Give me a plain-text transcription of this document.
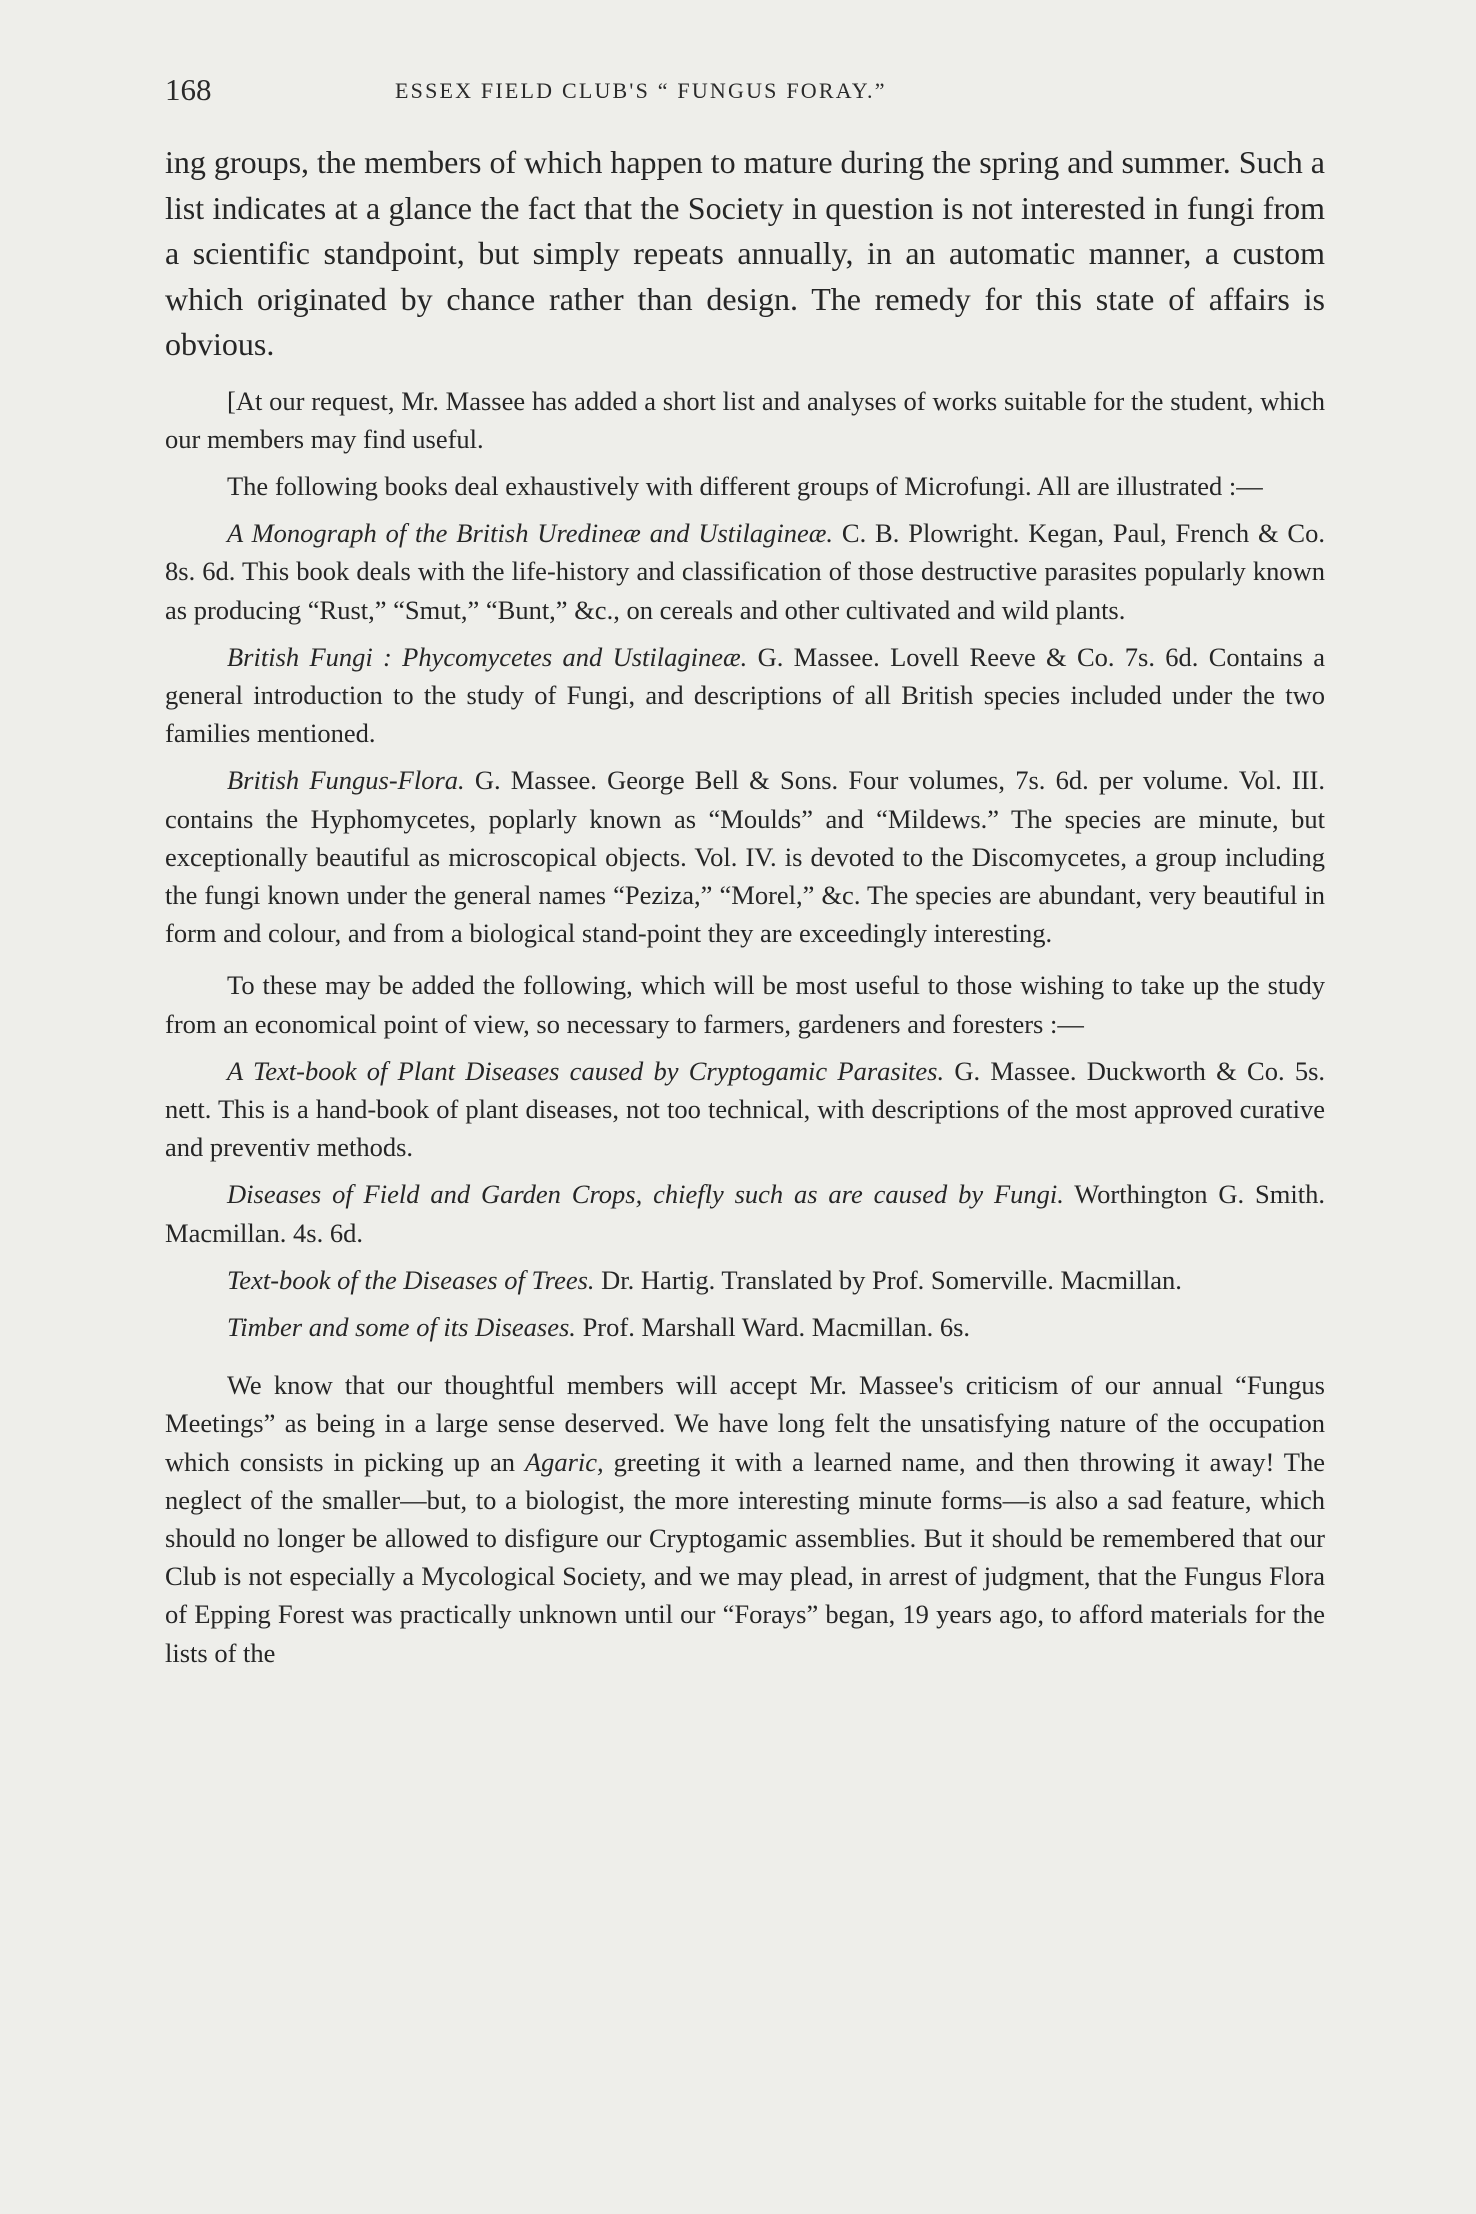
168	ESSEX FIELD CLUB'S “ FUNGUS FORAY.”

ing groups, the members of which happen to mature during the spring and summer. Such a list indicates at a glance the fact that the Society in question is not interested in fungi from a scientific standpoint, but simply repeats annually, in an automatic manner, a custom which originated by chance rather than design. The remedy for this state of affairs is obvious.

[At our request, Mr. Massee has added a short list and analyses of works suitable for the student, which our members may find useful.

The following books deal exhaustively with different groups of Microfungi. All are illustrated :—

A Monograph of the British Uredineæ and Ustilagineæ. C. B. Plowright. Kegan, Paul, French & Co. 8s. 6d. This book deals with the life-history and classification of those destructive parasites popularly known as producing “Rust,” “Smut,” “Bunt,” &c., on cereals and other cultivated and wild plants.

British Fungi : Phycomycetes and Ustilagineæ. G. Massee. Lovell Reeve & Co. 7s. 6d. Contains a general introduction to the study of Fungi, and descriptions of all British species included under the two families mentioned.

British Fungus-Flora. G. Massee. George Bell & Sons. Four volumes, 7s. 6d. per volume. Vol. III. contains the Hyphomycetes, poplarly known as “Moulds” and “Mildews.” The species are minute, but exceptionally beautiful as microscopical objects. Vol. IV. is devoted to the Discomycetes, a group including the fungi known under the general names “Peziza,” “Morel,” &c. The species are abundant, very beautiful in form and colour, and from a biological stand-point they are exceedingly interesting.

To these may be added the following, which will be most useful to those wishing to take up the study from an economical point of view, so necessary to farmers, gardeners and foresters :—

A Text-book of Plant Diseases caused by Cryptogamic Parasites. G. Massee. Duckworth & Co. 5s. nett. This is a hand-book of plant diseases, not too technical, with descriptions of the most approved curative and preventiv methods.

Diseases of Field and Garden Crops, chiefly such as are caused by Fungi. Worthington G. Smith. Macmillan. 4s. 6d.

Text-book of the Diseases of Trees. Dr. Hartig. Translated by Prof. Somerville. Macmillan.

Timber and some of its Diseases. Prof. Marshall Ward. Macmillan. 6s.

We know that our thoughtful members will accept Mr. Massee's criticism of our annual “Fungus Meetings” as being in a large sense deserved. We have long felt the unsatisfying nature of the occupation which consists in picking up an Agaric, greeting it with a learned name, and then throwing it away! The neglect of the smaller—but, to a biologist, the more interesting minute forms—is also a sad feature, which should no longer be allowed to disfigure our Cryptogamic assemblies. But it should be remembered that our Club is not especially a Mycological Society, and we may plead, in arrest of judgment, that the Fungus Flora of Epping Forest was practically unknown until our “Forays” began, 19 years ago, to afford materials for the lists of the
